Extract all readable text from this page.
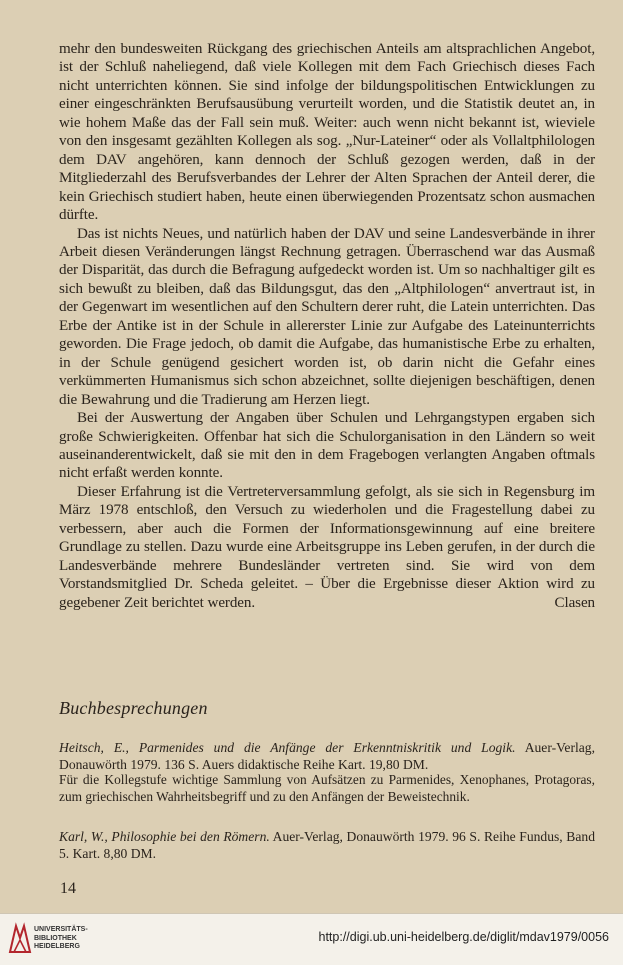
mehr den bundesweiten Rückgang des griechischen Anteils am altsprachlichen Angebot, ist der Schluß naheliegend, daß viele Kollegen mit dem Fach Griechisch dieses Fach nicht unterrichten können. Sie sind infolge der bildungspolitischen Entwicklungen zu einer eingeschränkten Berufsausübung verurteilt worden, und die Statistik deutet an, in wie hohem Maße das der Fall sein muß. Weiter: auch wenn nicht bekannt ist, wieviele von den insgesamt gezählten Kollegen als sog. „Nur-Lateiner“ oder als Vollaltphilologen dem DAV angehören, kann dennoch der Schluß gezogen werden, daß in der Mitgliederzahl des Berufsverbandes der Lehrer der Alten Sprachen der Anteil derer, die kein Griechisch studiert haben, heute einen überwiegenden Prozentsatz schon ausmachen dürfte.

Das ist nichts Neues, und natürlich haben der DAV und seine Landesverbände in ihrer Arbeit diesen Veränderungen längst Rechnung getragen. Überraschend war das Ausmaß der Disparität, das durch die Befragung aufgedeckt worden ist. Um so nachhaltiger gilt es sich bewußt zu bleiben, daß das Bildungsgut, das den „Altphilologen“ anvertraut ist, in der Gegenwart im wesentlichen auf den Schultern derer ruht, die Latein unterrichten. Das Erbe der Antike ist in der Schule in allererster Linie zur Aufgabe des Lateinunterrichts geworden. Die Frage jedoch, ob damit die Aufgabe, das humanistische Erbe zu erhalten, in der Schule genügend gesichert worden ist, ob darin nicht die Gefahr eines verkümmerten Humanismus sich schon abzeichnet, sollte diejenigen beschäftigen, denen die Bewahrung und die Tradierung am Herzen liegt.

Bei der Auswertung der Angaben über Schulen und Lehrgangstypen ergaben sich große Schwierigkeiten. Offenbar hat sich die Schulorganisation in den Ländern so weit auseinanderentwickelt, daß sie mit den in dem Fragebogen verlangten Angaben oftmals nicht erfaßt werden konnte.

Dieser Erfahrung ist die Vertreterversammlung gefolgt, als sie sich in Regensburg im März 1978 entschloß, den Versuch zu wiederholen und die Fragestellung dabei zu verbessern, aber auch die Formen der Informationsgewinnung auf eine breitere Grundlage zu stellen. Dazu wurde eine Arbeitsgruppe ins Leben gerufen, in der durch die Landesverbände mehrere Bundesländer vertreten sind. Sie wird von dem Vorstandsmitglied Dr. Scheda geleitet. – Über die Ergebnisse dieser Aktion wird zu gegebener Zeit berichtet werden.	Clasen

Buchbesprechungen
Heitsch, E., Parmenides und die Anfänge der Erkenntniskritik und Logik. Auer-Verlag, Donauwörth 1979. 136 S. Auers didaktische Reihe Kart. 19,80 DM.
Für die Kollegstufe wichtige Sammlung von Aufsätzen zu Parmenides, Xenophanes, Protagoras, zum griechischen Wahrheitsbegriff und zu den Anfängen der Beweistechnik.
Karl, W., Philosophie bei den Römern. Auer-Verlag, Donauwörth 1979. 96 S. Reihe Fundus, Band 5. Kart. 8,80 DM.
14
UNIVERSITÄTS-
BIBLIOTHEK
HEIDELBERG
http://digi.ub.uni-heidelberg.de/diglit/mdav1979/0056
